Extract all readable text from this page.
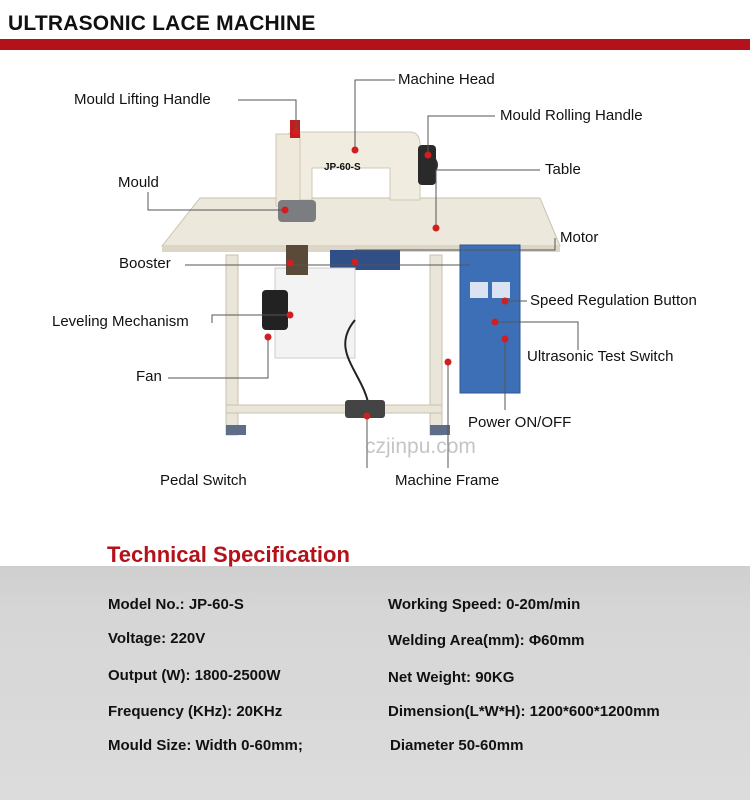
ULTRASONIC LACE MACHINE
JP-60-S
czjinpu.com
Mould Lifting Handle
Machine Head
Mould Rolling Handle
Mould
Table
Motor
Booster
Speed Regulation Button
Leveling Mechanism
Ultrasonic Test Switch
Fan
Power ON/OFF
Pedal Switch	Machine Frame
Technical Specification
Model No.: JP-60-S
Voltage: 220V
Output (W): 1800-2500W
Frequency (KHz): 20KHz
Mould Size: Width 0-60mm;
Working Speed: 0-20m/min
Welding Area(mm): Φ60mm
Net Weight: 90KG
Dimension(L*W*H): 1200*600*1200mm
Diameter 50-60mm
